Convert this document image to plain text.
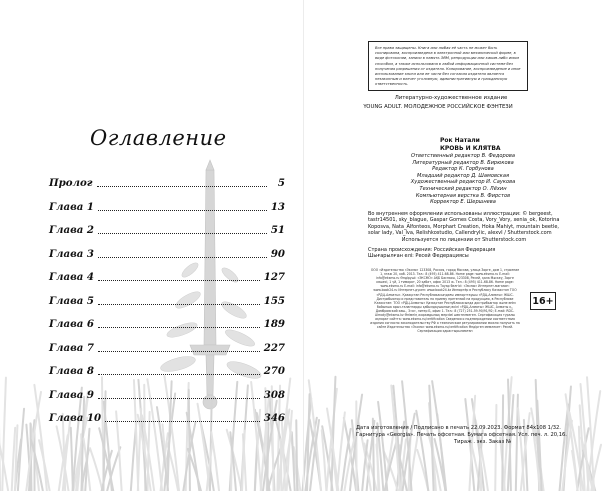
Оглавление
Пролог	5
Глава 1	13
Глава 2	51
Глава 3	90
Глава 4	127
Глава 5	155
Глава 6	189
Глава 7	227
Глава 8	270
Глава 9	308
Глава 10	346
Все права защищены. Книга или любая её часть не может быть скопирована, воспроизведена в электронной или механической форме, в виде фотокопии, записи в память ЭВМ, репродукции или каким-либо иным способом, а также использована в любой информационной системе без получения разрешения от издателя. Копирование, воспроизведение и иное использование книги или ее части без согласия издателя является незаконным и влечет уголовную, административную и гражданскую ответственность.
Литературно-художественное издание
YOUNG ADULT. МОЛОДЕЖНОЕ РОССИЙСКОЕ ФЭНТЕЗИ
Рок Натали
КРОВЬ И КЛЯТВА
Ответственный редактор В. Федорова
Литературный редактор В. Бирюкова
Редактор К. Горбунова
Младший редактор Д. Шамовская
Художественный редактор И. Саукова
Технический редактор О. Лёхин
Компьютерная верстка В. Фирстов
Корректор Е. Шершнева
Во внутреннем оформлении использованы иллюстрации: © bergeest, tastr14501, sky_blague, Gaspar Gomes Costa, Vory_Vory, xenia_ok, Kotorina Koposva, Nata_Alfonteos, Morphart Creation, Hoka Mahiyt, mountain beetle, solar lady, Val_lva, Relishkostudio, Callendrylic, alexvI / Shutterstock.com
Используется по лицензии от Shutterstock.com
Страна происхождения: Российская Федерация
Шығарылған елі: Ресей Федерациясы
ООО «Издательство «Эксмо» 123308, Россия, город Москва, улица Зорге, дом 1, строение 1, этаж 20, каб. 2013. Тел.: 8 (495) 411-68-86. Home page: www.eksmo.ru E-mail: info@eksmo.ru Өндіруші: «ЭКСМО» АҚБ Баспасы, 123308, Ресей, қала Мәскеу, Зорге көшесі, 1 үй, 1 ғимарат, 20 қабат, офис 2013 ж. Тел.: 8 (495) 411-68-86. Home page: www.eksmo.ru E-mail: info@eksmo.ru Тауар белгісі: «Эксмо» Интернет-магазин: www.book24.ru Интернет-дүкен: www.book24.kz Импортёр в Республику Казахстан ТОО «РДЦ-Алматы». Қазақстан Республикасындағы импорттаушы «РДЦ-Алматы» ЖШС. Дистрибьютор и представитель по приему претензий на продукцию, в Республике Казахстан: ТОО «РДЦ-Алматы» Қазақстан Республикасында дистрибьютор және өнім бойынша арыз-талаптарды қабылдаушының өкілі «РДЦ-Алматы» ЖШС, Алматы қ., Домбровский көш., 3«а», литер Б, офис 1. Тел.: 8 (727) 251-59-90/91/92; E-mail: RDC-Almaty@eksmo.kz Өнімнің жарамдылық мерзімі шектелмеген. Сертификация туралы ақпарат сайтта: www.eksmo.ru/certification Сведения о подтверждении соответствия издания согласно законодательству РФ о техническом регулировании можно получить на сайте Издательства «Эксмо» www.eksmo.ru/certification Өндірген мемлекет: Ресей. Сертификация қарастырылмаған
16+
Дата изготовления / Подписано в печать 22.09.2023. Формат 84x108 1/32.
Гарнитура «Georgia». Печать офсетная. Бумага офсетная. Усл. печ. л. 20,16.
Тираж . экз. Заказ №
